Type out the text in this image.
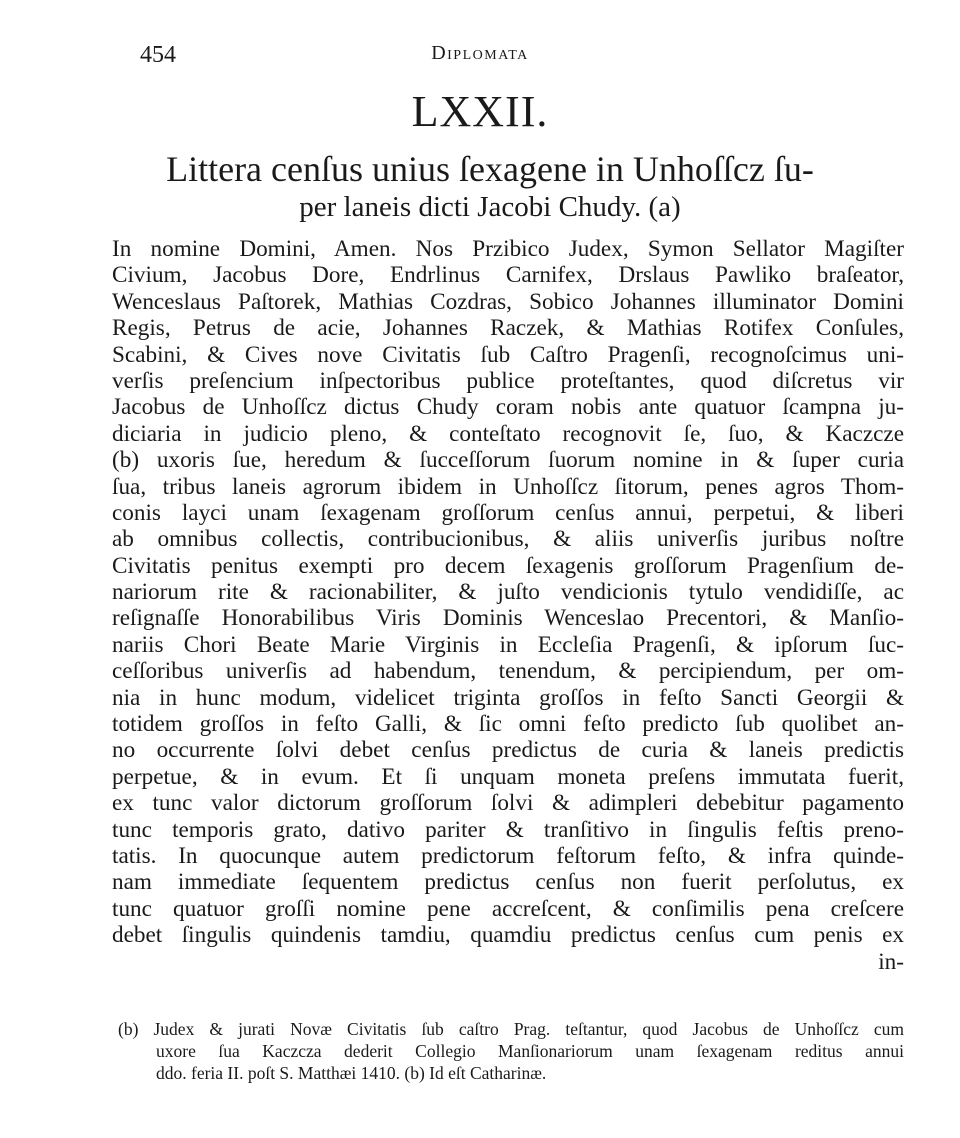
454	Diplomata
LXXII.
Littera cenſus unius ſexagene in Unhoſſcz ſu-
per laneis dicti Jacobi Chudy. (a)
In nomine Domini, Amen. Nos Przibico Judex, Symon Sellator Magiſter
Civium, Jacobus Dore, Endrlinus Carnifex, Drslaus Pawliko braſeator,
Wenceslaus Paſtorek, Mathias Cozdras, Sobico Johannes illuminator Domini
Regis, Petrus de acie, Johannes Raczek, & Mathias Rotifex Conſules,
Scabini, & Cives nove Civitatis ſub Caſtro Pragenſi, recognoſcimus uni-
verſis preſencium inſpectoribus publice proteſtantes, quod diſcretus vir
Jacobus de Unhoſſcz dictus Chudy coram nobis ante quatuor ſcampna ju-
diciaria in judicio pleno, & conteſtato recognovit ſe, ſuo, & Kaczcze
(b) uxoris ſue, heredum & ſucceſſorum ſuorum nomine in & ſuper curia
ſua, tribus laneis agrorum ibidem in Unhoſſcz ſitorum, penes agros Thom-
conis layci unam ſexagenam groſſorum cenſus annui, perpetui, & liberi
ab omnibus collectis, contribucionibus, & aliis univerſis juribus noſtre
Civitatis penitus exempti pro decem ſexagenis groſſorum Pragenſium de-
nariorum rite & racionabiliter, & juſto vendicionis tytulo vendidiſſe, ac
reſignaſſe Honorabilibus Viris Dominis Wenceslao Precentori, & Manſio-
nariis Chori Beate Marie Virginis in Eccleſia Pragenſi, & ipſorum ſuc-
ceſſoribus univerſis ad habendum, tenendum, & percipiendum, per om-
nia in hunc modum, videlicet triginta groſſos in feſto Sancti Georgii &
totidem groſſos in feſto Galli, & ſic omni feſto predicto ſub quolibet an-
no occurrente ſolvi debet cenſus predictus de curia & laneis predictis
perpetue, & in evum. Et ſi unquam moneta preſens immutata fuerit,
ex tunc valor dictorum groſſorum ſolvi & adimpleri debebitur pagamento
tunc temporis grato, dativo pariter & tranſitivo in ſingulis feſtis preno-
tatis. In quocunque autem predictorum feſtorum feſto, & infra quinde-
nam immediate ſequentem predictus cenſus non fuerit perſolutus, ex
tunc quatuor groſſi nomine pene accreſcent, & conſimilis pena creſcere
debet ſingulis quindenis tamdiu, quamdiu predictus cenſus cum penis ex
in-
(b) Judex & jurati Novæ Civitatis ſub caſtro Prag. teſtantur, quod Jacobus de Unhoſſcz cum
uxore ſua Kaczcza dederit Collegio Manſionariorum unam ſexagenam reditus annui
ddo. feria II. poſt S. Matthæi 1410. (b) Id eſt Catharinæ.
